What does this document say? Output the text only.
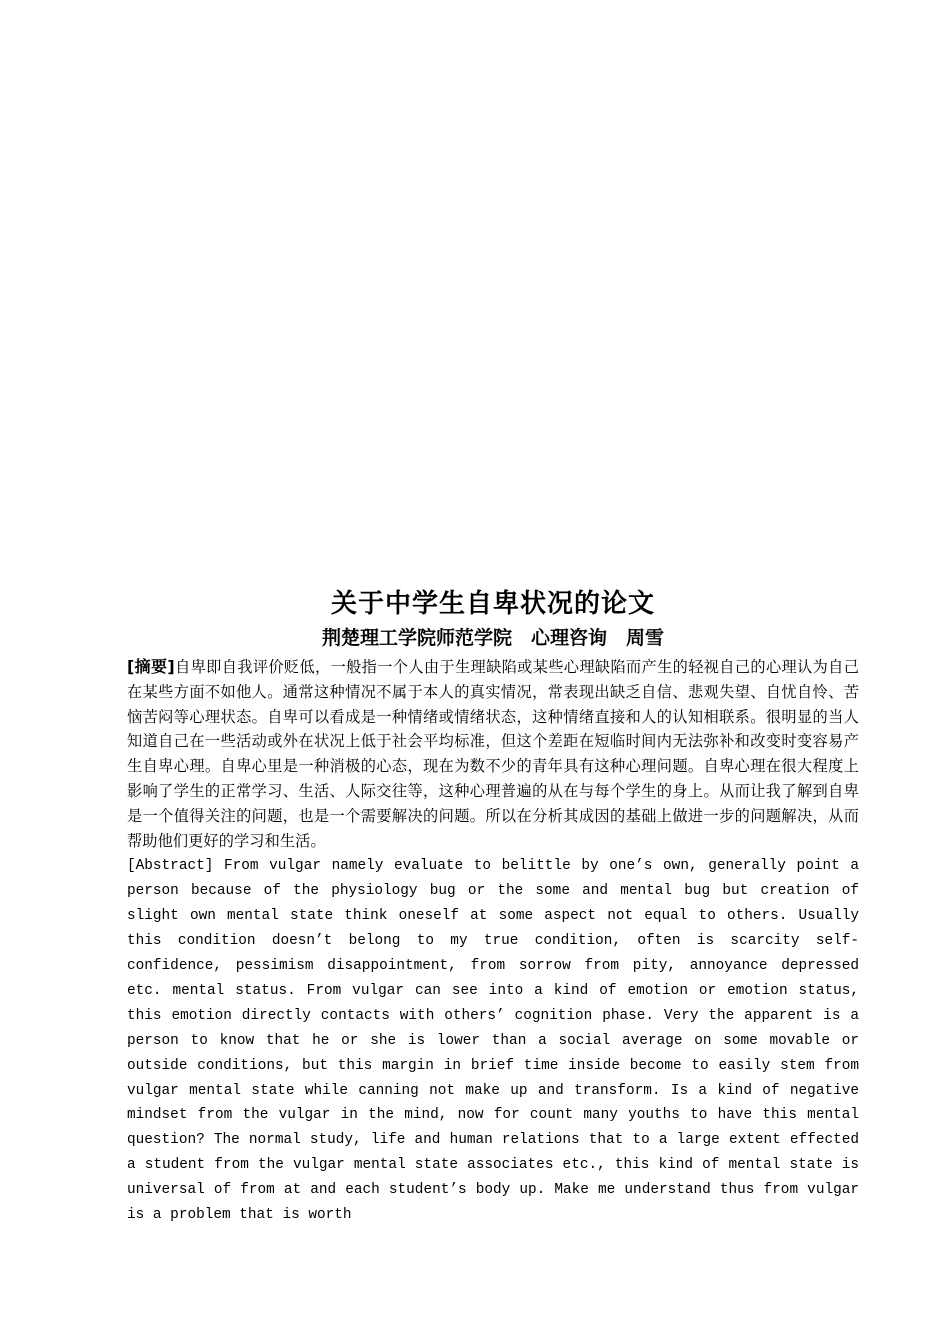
关于中学生自卑状况的论文

荆楚理工学院师范学院　心理咨询　周雪

[摘要]自卑即自我评价贬低，一般指一个人由于生理缺陷或某些心理缺陷而产生的轻视自己的心理认为自己在某些方面不如他人。通常这种情况不属于本人的真实情况，常表现出缺乏自信、悲观失望、自忧自怜、苦恼苦闷等心理状态。自卑可以看成是一种情绪或情绪状态，这种情绪直接和人的认知相联系。很明显的当人知道自己在一些活动或外在状况上低于社会平均标准，但这个差距在短临时间内无法弥补和改变时变容易产生自卑心理。自卑心里是一种消极的心态，现在为数不少的青年具有这种心理问题。自卑心理在很大程度上影响了学生的正常学习、生活、人际交往等，这种心理普遍的从在与每个学生的身上。从而让我了解到自卑是一个值得关注的问题，也是一个需要解决的问题。所以在分析其成因的基础上做进一步的问题解决，从而帮助他们更好的学习和生活。

[Abstract] From vulgar namely evaluate to belittle by one’s own, generally point a person because of the physiology bug or the some and mental bug but creation of slight own mental state think oneself at some aspect not equal to others. Usually this condition doesn’t belong to my true condition, often is scarcity self-confidence, pessimism disappointment, from sorrow from pity, annoyance depressed etc. mental status. From vulgar can see into a kind of emotion or emotion status, this emotion directly contacts with others’ cognition phase. Very the apparent is a person to know that he or she is lower than a social average on some movable or outside conditions, but this margin in brief time inside become to easily stem from vulgar mental state while canning not make up and transform. Is a kind of negative mindset from the vulgar in the mind, now for count many youths to have this mental question? The normal study, life and human relations that to a large extent effected a student from the vulgar mental state associates etc., this kind of mental state is universal of from at and each student’s body up. Make me understand thus from vulgar is a problem that is worth
